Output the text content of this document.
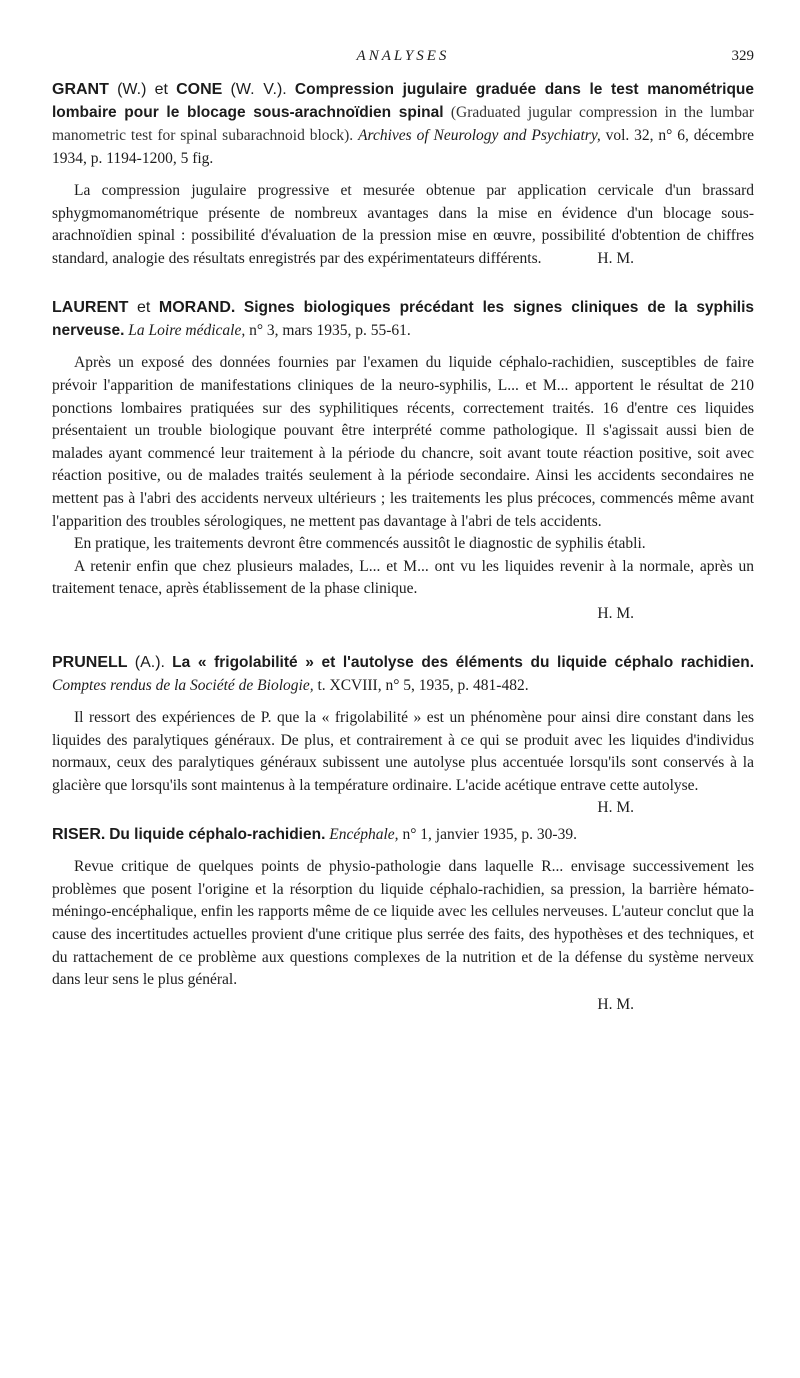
ANALYSES	329

GRANT (W.) et CONE (W. V.). Compression jugulaire graduée dans le test manométrique lombaire pour le blocage sous-arachnoïdien spinal (Graduated jugular compression in the lumbar manometric test for spinal subarachnoid block). Archives of Neurology and Psychiatry, vol. 32, n° 6, décembre 1934, p. 1194-1200, 5 fig.

La compression jugulaire progressive et mesurée obtenue par application cervicale d'un brassard sphygmomanométrique présente de nombreux avantages dans la mise en évidence d'un blocage sous-arachnoïdien spinal : possibilité d'évaluation de la pression mise en œuvre, possibilité d'obtention de chiffres standard, analogie des résultats enregistrés par des expérimentateurs différents.	H. M.

LAURENT et MORAND. Signes biologiques précédant les signes cliniques de la syphilis nerveuse. La Loire médicale, n° 3, mars 1935, p. 55-61.

Après un exposé des données fournies par l'examen du liquide céphalo-rachidien, susceptibles de faire prévoir l'apparition de manifestations cliniques de la neuro-syphilis, L... et M... apportent le résultat de 210 ponctions lombaires pratiquées sur des syphilitiques récents, correctement traités. 16 d'entre ces liquides présentaient un trouble biologique pouvant être interprété comme pathologique. Il s'agissait aussi bien de malades ayant commencé leur traitement à la période du chancre, soit avant toute réaction positive, soit avec réaction positive, ou de malades traités seulement à la période secondaire. Ainsi les accidents secondaires ne mettent pas à l'abri des accidents nerveux ultérieurs ; les traitements les plus précoces, commencés même avant l'apparition des troubles sérologiques, ne mettent pas davantage à l'abri de tels accidents.

En pratique, les traitements devront être commencés aussitôt le diagnostic de syphilis établi.

A retenir enfin que chez plusieurs malades, L... et M... ont vu les liquides revenir à la normale, après un traitement tenace, après établissement de la phase clinique.

H. M.

PRUNELL (A.). La « frigolabilité » et l'autolyse des éléments du liquide céphalo rachidien. Comptes rendus de la Société de Biologie, t. XCVIII, n° 5, 1935, p. 481-482.

Il ressort des expériences de P. que la « frigolabilité » est un phénomène pour ainsi dire constant dans les liquides des paralytiques généraux. De plus, et contrairement à ce qui se produit avec les liquides d'individus normaux, ceux des paralytiques généraux subissent une autolyse plus accentuée lorsqu'ils sont conservés à la glacière que lorsqu'ils sont maintenus à la température ordinaire. L'acide acétique entrave cette autolyse.
H. M.

RISER. Du liquide céphalo-rachidien. Encéphale, n° 1, janvier 1935, p. 30-39.

Revue critique de quelques points de physio-pathologie dans laquelle R... envisage successivement les problèmes que posent l'origine et la résorption du liquide céphalo-rachidien, sa pression, la barrière hémato-méningo-encéphalique, enfin les rapports même de ce liquide avec les cellules nerveuses. L'auteur conclut que la cause des incertitudes actuelles provient d'une critique plus serrée des faits, des hypothèses et des techniques, et du rattachement de ce problème aux questions complexes de la nutrition et de la défense du système nerveux dans leur sens le plus général.

H. M.
